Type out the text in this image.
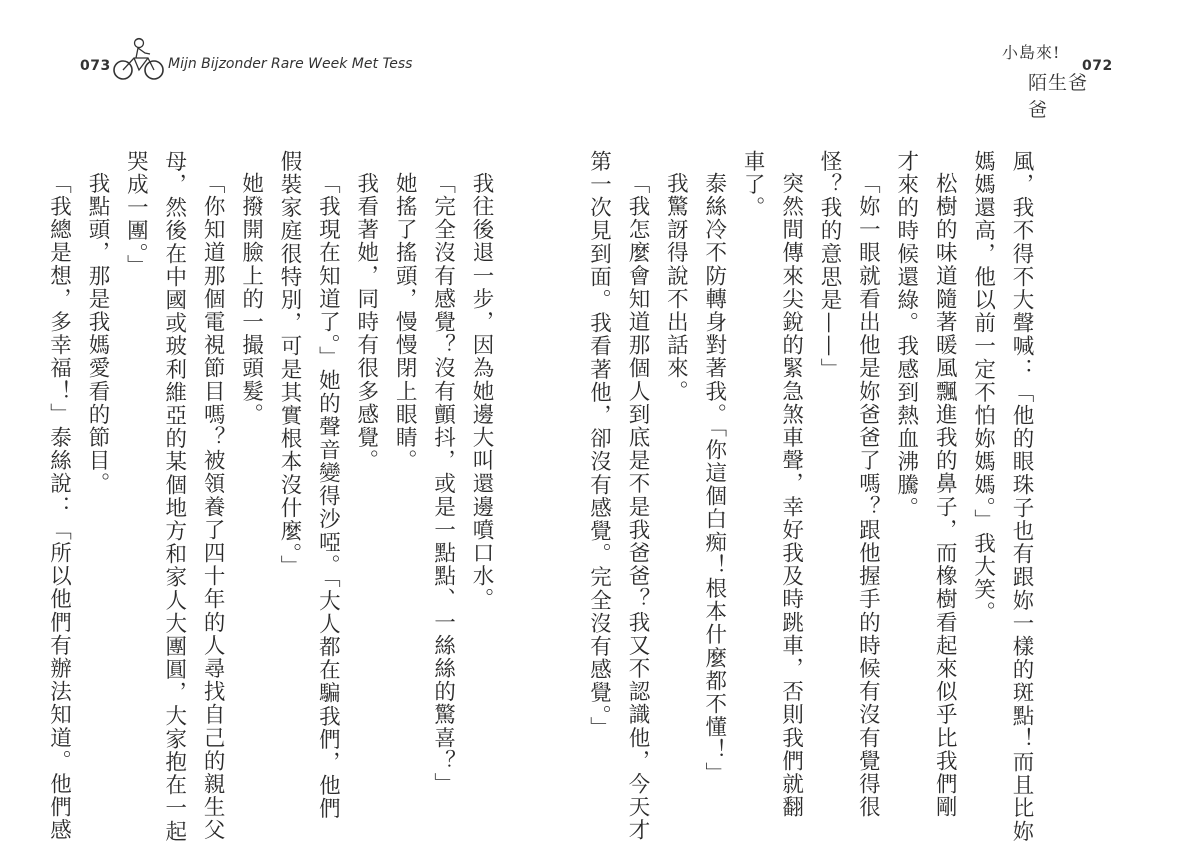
073	Mijn Bijzonder Rare Week Met Tess
小島來!
陌生爸爸
072
風，我不得不大聲喊：「他的眼珠子也有跟妳一樣的斑點！而且比妳
媽媽還高，他以前一定不怕妳媽媽。」我大笑。
松樹的味道隨著暖風飄進我的鼻子，而橡樹看起來似乎比我們剛
才來的時候還綠。我感到熱血沸騰。
「妳一眼就看出他是妳爸爸了嗎？跟他握手的時候有沒有覺得很
怪？我的意思是——」
突然間傳來尖銳的緊急煞車聲，幸好我及時跳車，否則我們就翻
車了。
泰絲冷不防轉身對著我。「你這個白痴！根本什麼都不懂！」
我驚訝得說不出話來。
「我怎麼會知道那個人到底是不是我爸爸？我又不認識他，今天才
第一次見到面。我看著他，卻沒有感覺。完全沒有感覺。」
我往後退一步，因為她邊大叫還邊噴口水。
「完全沒有感覺？沒有顫抖，或是一點點、一絲絲的驚喜？」
她搖了搖頭，慢慢閉上眼睛。
我看著她，同時有很多感覺。
「我現在知道了。」她的聲音變得沙啞。「大人都在騙我們，他們
假裝家庭很特別，可是其實根本沒什麼。」
她撥開臉上的一撮頭髮。
「你知道那個電視節目嗎？被領養了四十年的人尋找自己的親生父
母，然後在中國或玻利維亞的某個地方和家人大團圓，大家抱在一起
哭成一團。」
我點頭，那是我媽愛看的節目。
「我總是想，多幸福！」泰絲說：「所以他們有辦法知道。他們感
